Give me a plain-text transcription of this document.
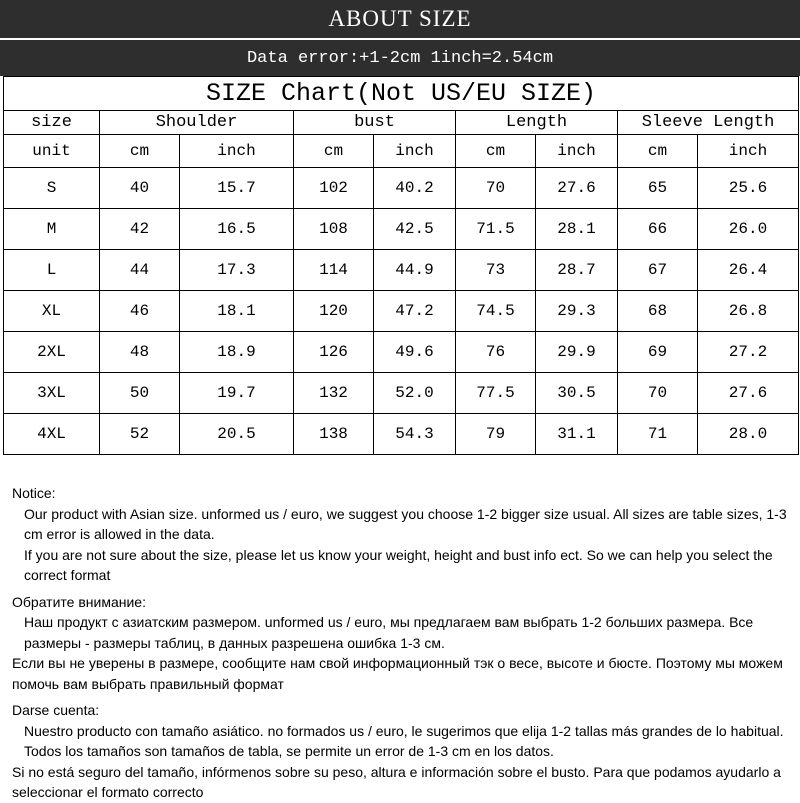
ABOUT SIZE
Data error:+1-2cm 1inch=2.54cm
SIZE Chart(Not US/EU SIZE)								
size	Shoulder		bust		Length		Sleeve Length	
unit	cm	inch	cm	inch	cm	inch	cm	inch
S	40	15.7	102	40.2	70	27.6	65	25.6
M	42	16.5	108	42.5	71.5	28.1	66	26.0
L	44	17.3	114	44.9	73	28.7	67	26.4
XL	46	18.1	120	47.2	74.5	29.3	68	26.8
2XL	48	18.9	126	49.6	76	29.9	69	27.2
3XL	50	19.7	132	52.0	77.5	30.5	70	27.6
4XL	52	20.5	138	54.3	79	31.1	71	28.0

Notice:

Our product with Asian size. unformed us / euro, we suggest you choose 1-2 bigger size usual. All sizes are table sizes, 1-3 cm error is allowed in the data.

If you are not sure about the size, please let us know your weight, height and bust info ect. So we can help you select the correct format

Обратите внимание:

Наш продукт с азиатским размером. unformed us / euro, мы предлагаем вам выбрать 1-2 больших размера. Все размеры - размеры таблиц, в данных разрешена ошибка 1-3 см.

Если вы не уверены в размере, сообщите нам свой информационный тэк о весе, высоте и бюсте. Поэтому мы можем помочь вам выбрать правильный формат

Darse cuenta:

Nuestro producto con tamaño asiático. no formados us / euro, le sugerimos que elija 1-2 tallas más grandes de lo habitual. Todos los tamaños son tamaños de tabla, se permite un error de 1-3 cm en los datos.

Si no está seguro del tamaño, infórmenos sobre su peso, altura e información sobre el busto. Para que podamos ayudarlo a seleccionar el formato correcto
